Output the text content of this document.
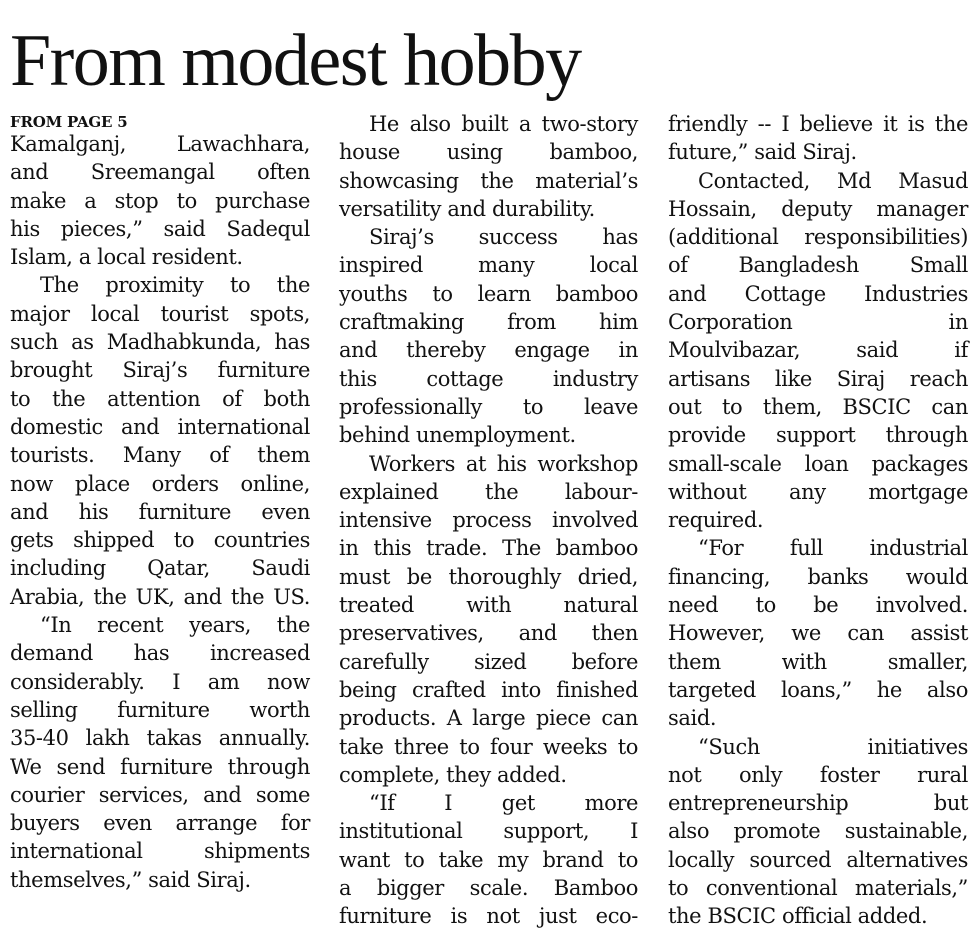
From modest hobby

FROM PAGE 5

Kamalganj, Lawachhara,
and Sreemangal often
make a stop to purchase
his pieces,” said Sadequl
Islam, a local resident.
The proximity to the
major local tourist spots,
such as Madhabkunda, has
brought Siraj’s furniture
to the attention of both
domestic and international
tourists. Many of them
now place orders online,
and his furniture even
gets shipped to countries
including Qatar, Saudi
Arabia, the UK, and the US.
“In recent years, the
demand has increased
considerably. I am now
selling furniture worth
35-40 lakh takas annually.
We send furniture through
courier services, and some
buyers even arrange for
international shipments
themselves,” said Siraj.
He also built a two-story
house using bamboo,
showcasing the material’s
versatility and durability.
Siraj’s success has
inspired many local
youths to learn bamboo
craftmaking from him
and thereby engage in
this cottage industry
professionally to leave
behind unemployment.
Workers at his workshop
explained the labour-
intensive process involved
in this trade. The bamboo
must be thoroughly dried,
treated with natural
preservatives, and then
carefully sized before
being crafted into finished
products. A large piece can
take three to four weeks to
complete, they added.
“If I get more
institutional support, I
want to take my brand to
a bigger scale. Bamboo
furniture is not just eco-
friendly -- I believe it is the
future,” said Siraj.
Contacted, Md Masud
Hossain, deputy manager
(additional responsibilities)
of Bangladesh Small
and Cottage Industries
Corporation in
Moulvibazar, said if
artisans like Siraj reach
out to them, BSCIC can
provide support through
small-scale loan packages
without any mortgage
required.
“For full industrial
financing, banks would
need to be involved.
However, we can assist
them with smaller,
targeted loans,” he also
said.
“Such initiatives
not only foster rural
entrepreneurship but
also promote sustainable,
locally sourced alternatives
to conventional materials,”
the BSCIC official added.
